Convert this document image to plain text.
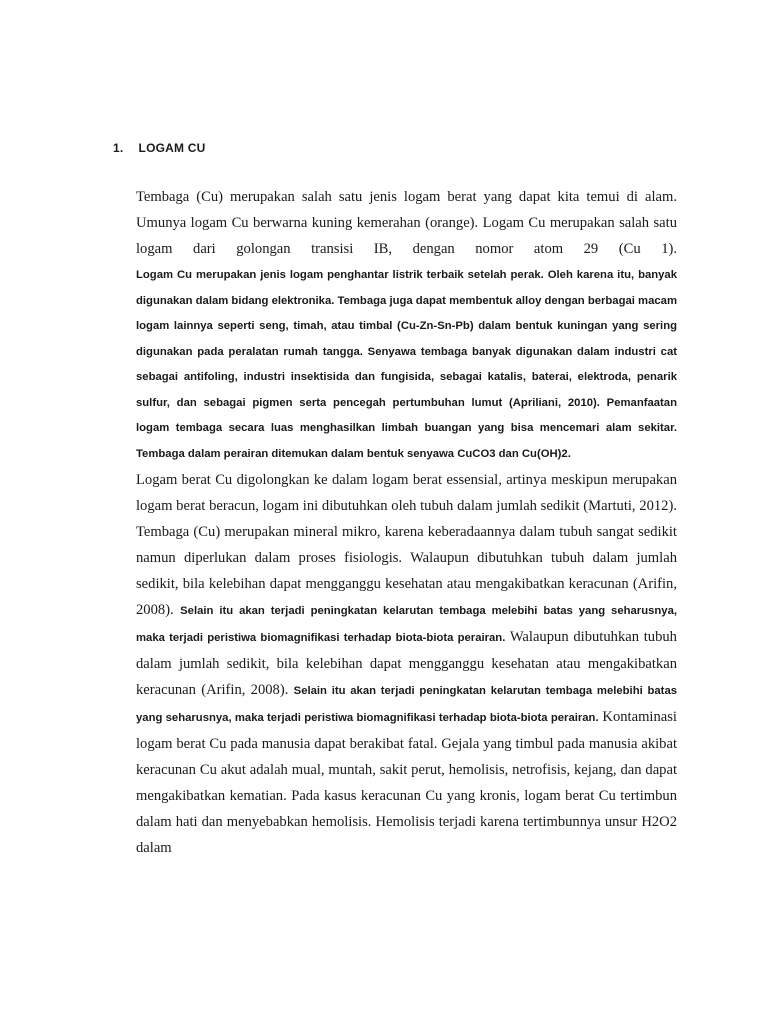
1. LOGAM CU

Tembaga (Cu) merupakan salah satu jenis logam berat yang dapat kita temui di alam. Umunya logam Cu berwarna kuning kemerahan (orange). Logam Cu merupakan salah satu logam dari golongan transisi IB, dengan nomor atom 29 (Cu 1).

Logam Cu merupakan jenis logam penghantar listrik terbaik setelah perak. Oleh karena itu, banyak digunakan dalam bidang elektronika. Tembaga juga dapat membentuk alloy dengan berbagai macam logam lainnya seperti seng, timah, atau timbal (Cu-Zn-Sn-Pb) dalam bentuk kuningan yang sering digunakan pada peralatan rumah tangga. Senyawa tembaga banyak digunakan dalam industri cat sebagai antifoling, industri insektisida dan fungisida, sebagai katalis, baterai, elektroda, penarik sulfur, dan sebagai pigmen serta pencegah pertumbuhan lumut (Apriliani, 2010). Pemanfaatan logam tembaga secara luas menghasilkan limbah buangan yang bisa mencemari alam sekitar. Tembaga dalam perairan ditemukan dalam bentuk senyawa CuCO3 dan Cu(OH)2.

Logam berat Cu digolongkan ke dalam logam berat essensial, artinya meskipun merupakan logam berat beracun, logam ini dibutuhkan oleh tubuh dalam jumlah sedikit (Martuti, 2012). Tembaga (Cu) merupakan mineral mikro, karena keberadaannya dalam tubuh sangat sedikit namun diperlukan dalam proses fisiologis. Walaupun dibutuhkan tubuh dalam jumlah sedikit, bila kelebihan dapat mengganggu kesehatan atau mengakibatkan keracunan (Arifin, 2008). Selain itu akan terjadi peningkatan kelarutan tembaga melebihi batas yang seharusnya, maka terjadi peristiwa biomagnifikasi terhadap biota-biota perairan. Walaupun dibutuhkan tubuh dalam jumlah sedikit, bila kelebihan dapat mengganggu kesehatan atau mengakibatkan keracunan (Arifin, 2008). Selain itu akan terjadi peningkatan kelarutan tembaga melebihi batas yang seharusnya, maka terjadi peristiwa biomagnifikasi terhadap biota-biota perairan. Kontaminasi logam berat Cu pada manusia dapat berakibat fatal. Gejala yang timbul pada manusia akibat keracunan Cu akut adalah mual, muntah, sakit perut, hemolisis, netrofisis, kejang, dan dapat mengakibatkan kematian. Pada kasus keracunan Cu yang kronis, logam berat Cu tertimbun dalam hati dan menyebabkan hemolisis. Hemolisis terjadi karena tertimbunnya unsur H2O2 dalam
